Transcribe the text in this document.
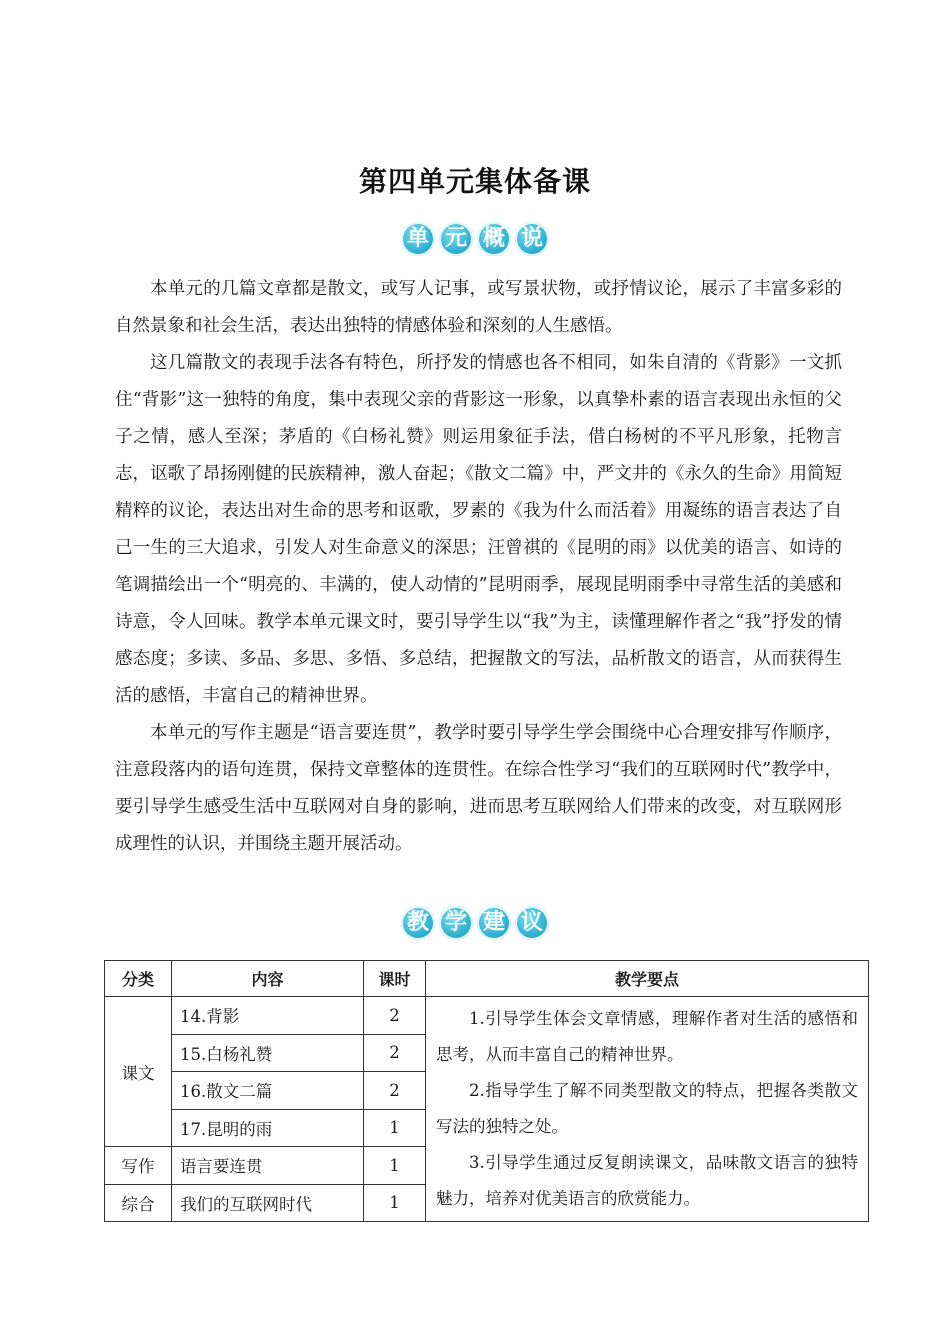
第四单元集体备课
单 元 概 说

本单元的几篇文章都是散文，或写人记事，或写景状物，或抒情议论，展示了丰富多彩的自然景象和社会生活，表达出独特的情感体验和深刻的人生感悟。

这几篇散文的表现手法各有特色，所抒发的情感也各不相同，如朱自清的《背影》一文抓住“背影”这一独特的角度，集中表现父亲的背影这一形象，以真挚朴素的语言表现出永恒的父子之情，感人至深；茅盾的《白杨礼赞》则运用象征手法，借白杨树的不平凡形象，托物言志，讴歌了昂扬刚健的民族精神，激人奋起；《散文二篇》中，严文井的《永久的生命》用简短精粹的议论，表达出对生命的思考和讴歌，罗素的《我为什么而活着》用凝练的语言表达了自己一生的三大追求，引发人对生命意义的深思；汪曾祺的《昆明的雨》以优美的语言、如诗的笔调描绘出一个“明亮的、丰满的，使人动情的”昆明雨季，展现昆明雨季中寻常生活的美感和诗意，令人回味。教学本单元课文时，要引导学生以“我”为主，读懂理解作者之“我”抒发的情感态度；多读、多品、多思、多悟、多总结，把握散文的写法，品析散文的语言，从而获得生活的感悟，丰富自己的精神世界。

本单元的写作主题是“语言要连贯”，教学时要引导学生学会围绕中心合理安排写作顺序，注意段落内的语句连贯，保持文章整体的连贯性。在综合性学习“我们的互联网时代”教学中，要引导学生感受生活中互联网对自身的影响，进而思考互联网给人们带来的改变，对互联网形成理性的认识，并围绕主题开展活动。

教 学 建 议
分类	内容	课时	教学要点
课文	14.背影	2	1.引导学生体会文章情感，理解作者对生活的感悟和思考，从而丰富自己的精神世界。

2.指导学生了解不同类型散文的特点，把握各类散文写法的独特之处。

3.引导学生通过反复朗读课文，品味散文语言的独特魅力，培养对优美语言的欣赏能力。

	15.白杨礼赞	2	
	16.散文二篇	2	
	17.昆明的雨	1	
写作	语言要连贯	1	
综合	我们的互联网时代	1	
